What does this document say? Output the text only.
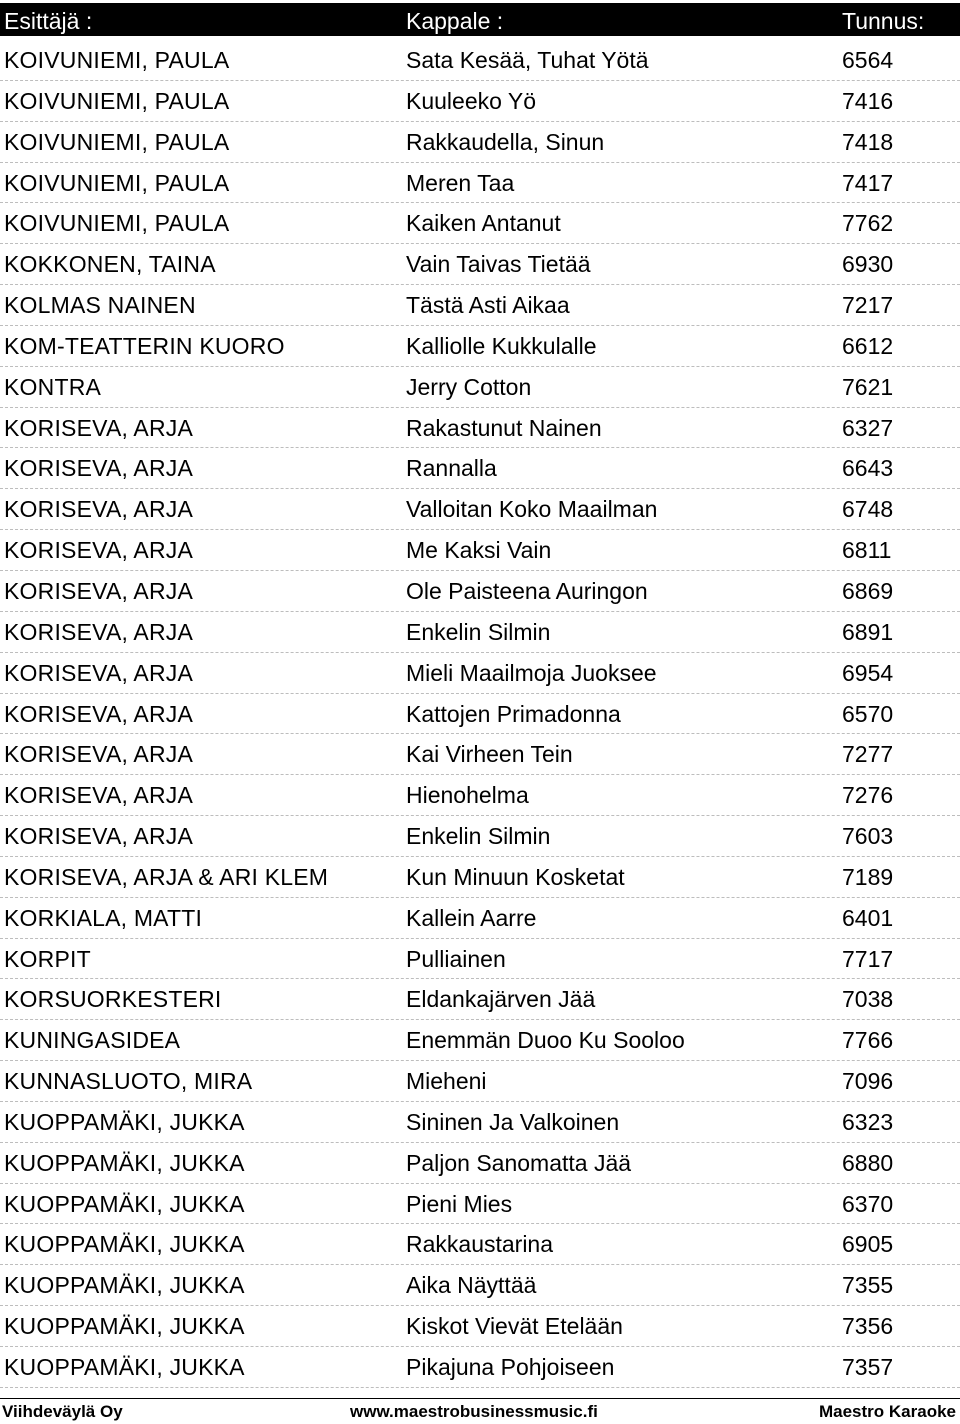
Esittäjä :	Kappale :	Tunnus:
KOIVUNIEMI, PAULA	Sata Kesää, Tuhat Yötä	6564
KOIVUNIEMI, PAULA	Kuuleeko Yö	7416
KOIVUNIEMI, PAULA	Rakkaudella, Sinun	7418
KOIVUNIEMI, PAULA	Meren Taa	7417
KOIVUNIEMI, PAULA	Kaiken Antanut	7762
KOKKONEN, TAINA	Vain Taivas Tietää	6930
KOLMAS NAINEN	Tästä Asti Aikaa	7217
KOM-TEATTERIN KUORO	Kalliolle Kukkulalle	6612
KONTRA	Jerry Cotton	7621
KORISEVA, ARJA	Rakastunut Nainen	6327
KORISEVA, ARJA	Rannalla	6643
KORISEVA, ARJA	Valloitan Koko Maailman	6748
KORISEVA, ARJA	Me Kaksi Vain	6811
KORISEVA, ARJA	Ole Paisteena Auringon	6869
KORISEVA, ARJA	Enkelin Silmin	6891
KORISEVA, ARJA	Mieli Maailmoja Juoksee	6954
KORISEVA, ARJA	Kattojen Primadonna	6570
KORISEVA, ARJA	Kai Virheen Tein	7277
KORISEVA, ARJA	Hienohelma	7276
KORISEVA, ARJA	Enkelin Silmin	7603
KORISEVA, ARJA & ARI KLEM	Kun Minuun Kosketat	7189
KORKIALA, MATTI	Kallein Aarre	6401
KORPIT	Pulliainen	7717
KORSUORKESTERI	Eldankajärven Jää	7038
KUNINGASIDEA	Enemmän Duoo Ku Sooloo	7766
KUNNASLUOTO, MIRA	Mieheni	7096
KUOPPAMÄKI, JUKKA	Sininen Ja Valkoinen	6323
KUOPPAMÄKI, JUKKA	Paljon Sanomatta Jää	6880
KUOPPAMÄKI, JUKKA	Pieni Mies	6370
KUOPPAMÄKI, JUKKA	Rakkaustarina	6905
KUOPPAMÄKI, JUKKA	Aika Näyttää	7355
KUOPPAMÄKI, JUKKA	Kiskot Vievät Etelään	7356
KUOPPAMÄKI, JUKKA	Pikajuna Pohjoiseen	7357
Viihdeväylä Oy	www.maestrobusinessmusic.fi	Maestro Karaoke
